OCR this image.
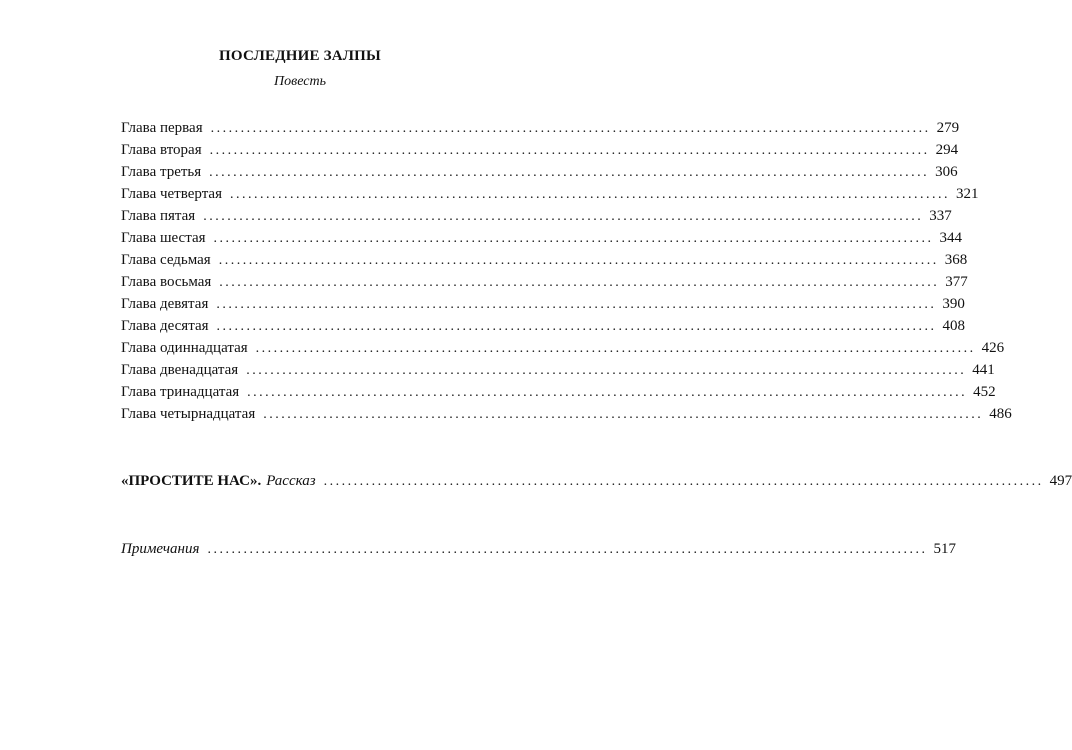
ПОСЛЕДНИЕ ЗАЛПЫ
Повесть
Глава первая ........................................................................................................................ 279
Глава вторая ........................................................................................................................ 294
Глава третья ........................................................................................................................ 306
Глава четвертая ........................................................................................................................ 321
Глава пятая ........................................................................................................................ 337
Глава шестая ........................................................................................................................ 344
Глава седьмая ........................................................................................................................ 368
Глава восьмая ........................................................................................................................ 377
Глава девятая ........................................................................................................................ 390
Глава десятая ........................................................................................................................ 408
Глава одиннадцатая ........................................................................................................................ 426
Глава двенадцатая ........................................................................................................................ 441
Глава тринадцатая ........................................................................................................................ 452
Глава четырнадцатая ........................................................................................................................ 486
«ПРОСТИТЕ НАС». Рассказ ........................................................................................................................ 497
Примечания ........................................................................................................................ 517
